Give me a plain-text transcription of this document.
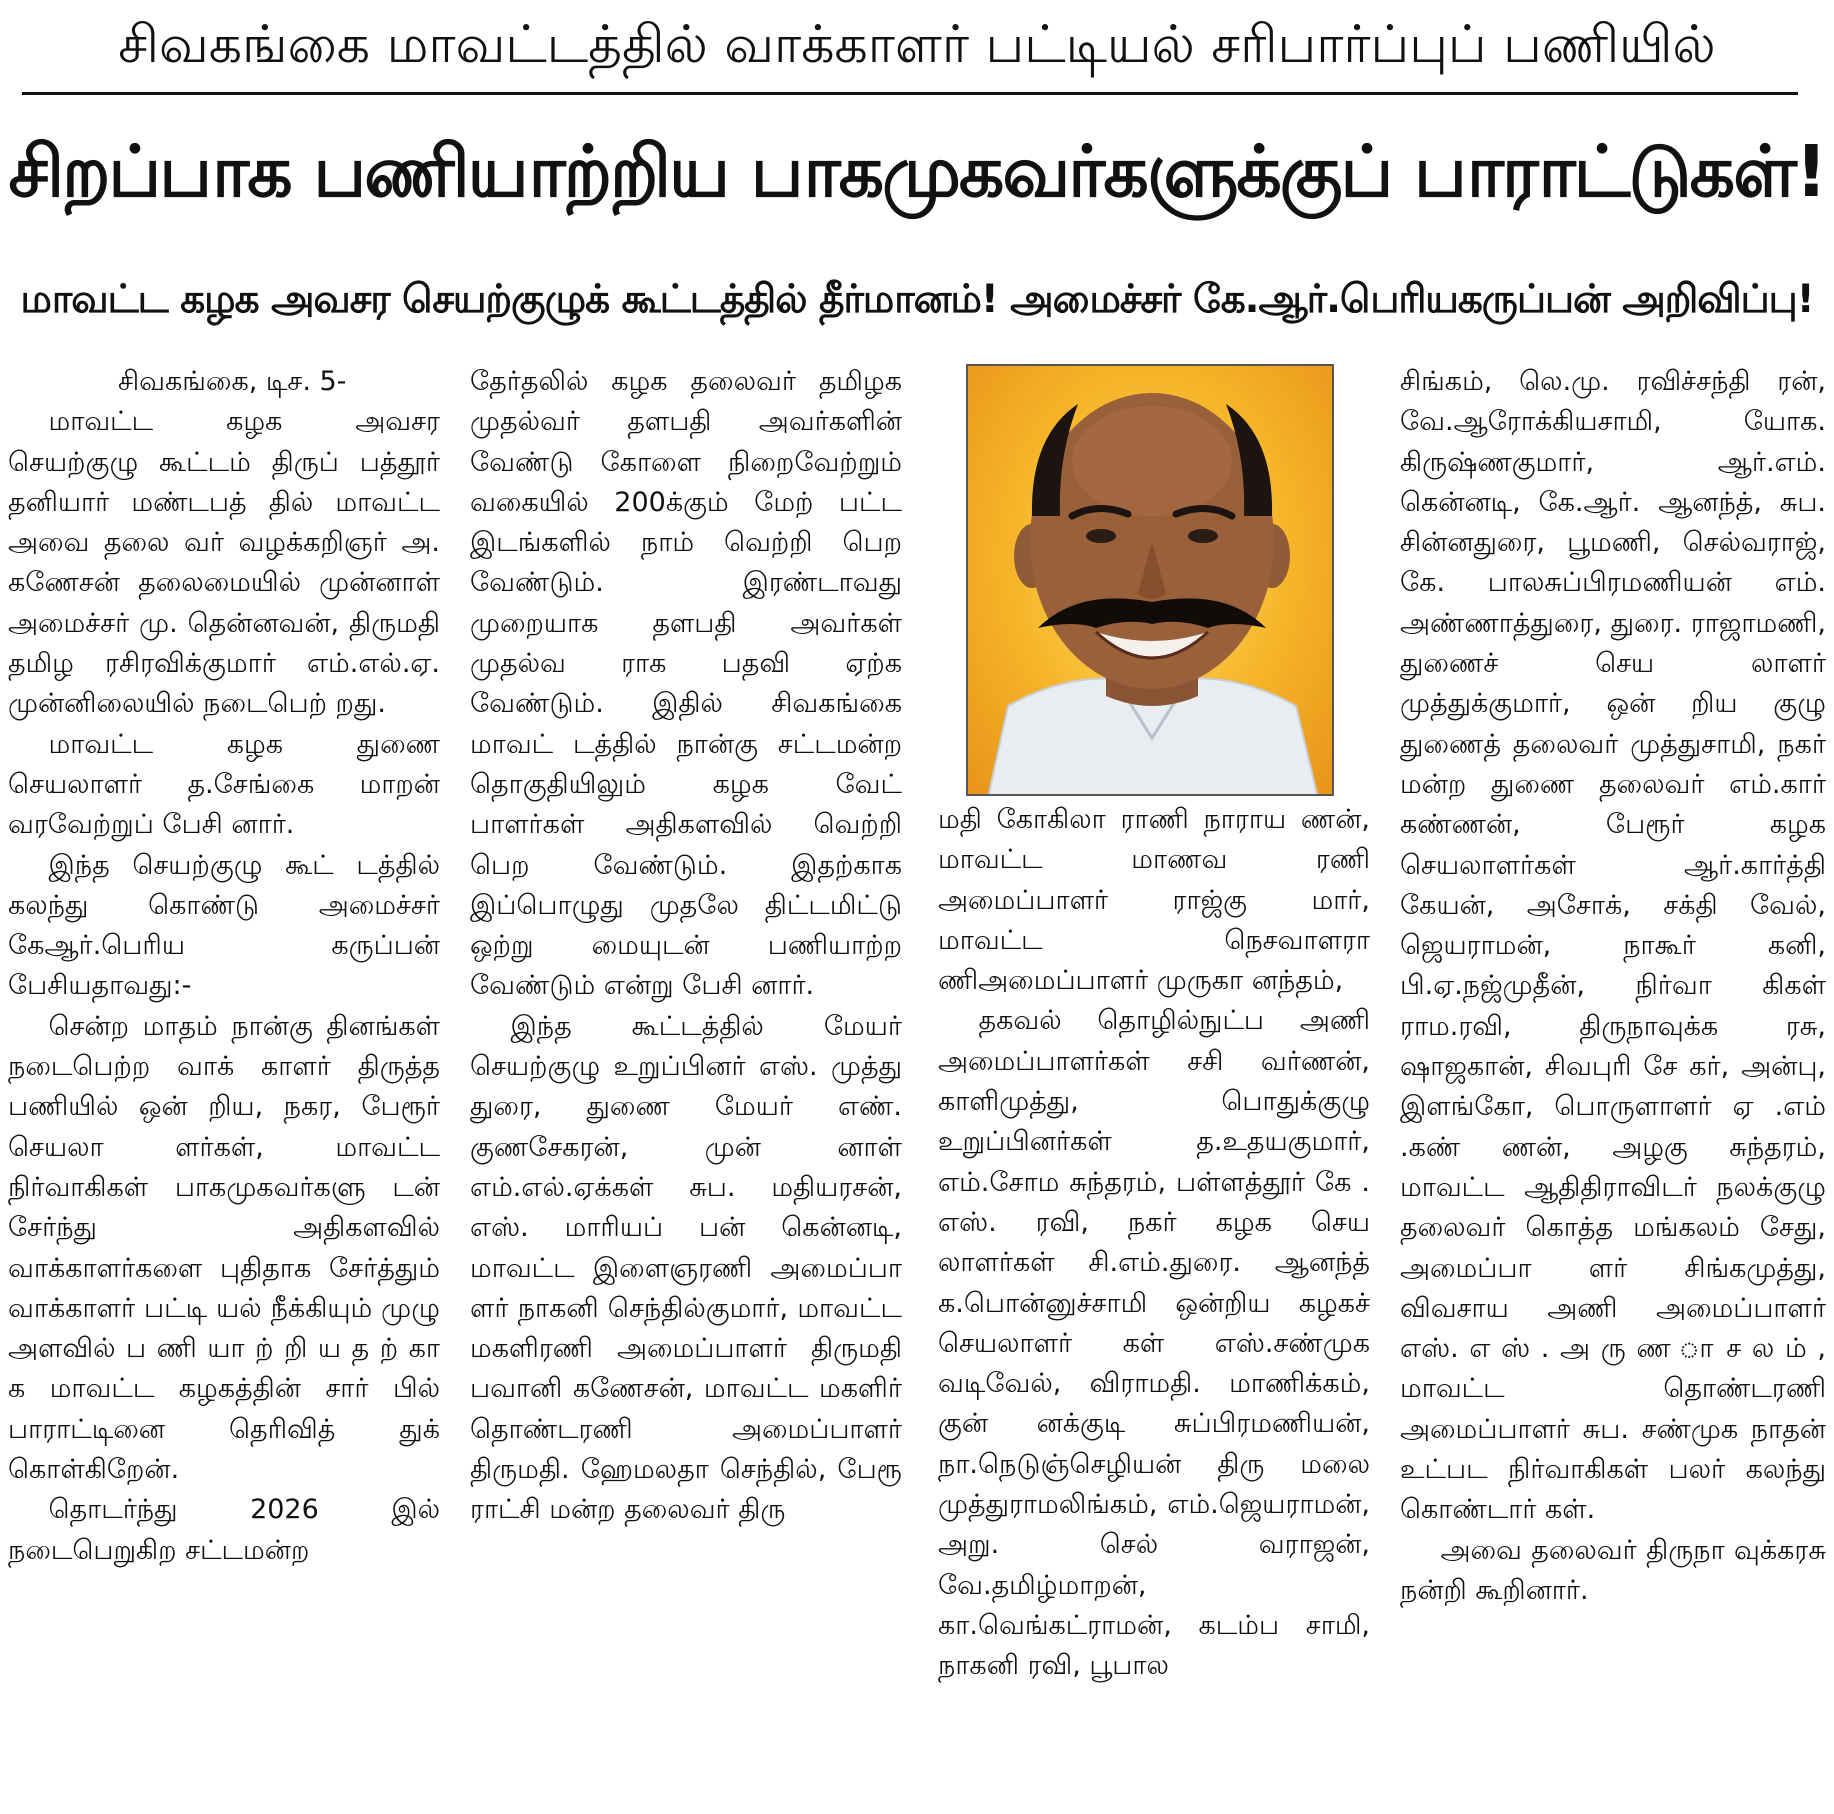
சிவகங்கை மாவட்டத்தில் வாக்காளர் பட்டியல் சரிபார்ப்புப் பணியில்
சிறப்பாக பணியாற்றிய பாகமுகவர்களுக்குப் பாராட்டுகள்!
மாவட்ட கழக அவசர செயற்குழுக் கூட்டத்தில் தீர்மானம்! அமைச்சர் கே.ஆர்.பெரியகருப்பன் அறிவிப்பு!

சிவகங்கை, டிச. 5-

மாவட்ட கழக அவசர செயற்குழு கூட்டம் திருப் பத்தூர் தனியார் மண்டபத் தில் மாவட்ட அவை தலை வர் வழக்கறிஞர் அ. கணேசன் தலைமையில் முன்னாள் அமைச்சர் மு. தென்னவன், திருமதி தமிழ ரசிரவிக்குமார் எம்.எல்.ஏ. முன்னிலையில் நடைபெற் றது.

மாவட்ட கழக துணை செயலாளர் த.சேங்கை மாறன் வரவேற்றுப் பேசி னார்.

இந்த செயற்குழு கூட் டத்தில் கலந்து கொண்டு அமைச்சர் கேஆர்.பெரிய கருப்பன் பேசியதாவது:-

சென்ற மாதம் நான்கு தினங்கள் நடைபெற்ற வாக் காளர் திருத்த பணியில் ஒன் றிய, நகர, பேரூர் செயலா ளர்கள், மாவட்ட நிர்வாகிகள் பாகமுகவர்களு டன் சேர்ந்து அதிகளவில் வாக்காளர்களை புதிதாக சேர்த்தும் வாக்காளர் பட்டி யல் நீக்கியும் முழு அளவில் ப ணி யா ற் றி ய த ற் கா க மாவட்ட கழகத்தின் சார் பில் பாராட்டினை தெரிவித் துக் கொள்கிறேன்.

தொடர்ந்து 2026 இல் நடைபெறுகிற சட்டமன்ற

தேர்தலில் கழக தலைவர் தமிழக முதல்வர் தளபதி அவர்களின் வேண்டு கோளை நிறைவேற்றும் வகையில் 200க்கும் மேற் பட்ட இடங்களில் நாம் வெற்றி பெற வேண்டும். இரண்டாவது முறையாக தளபதி அவர்கள் முதல்வ ராக பதவி ஏற்க வேண்டும். இதில் சிவகங்கை மாவட் டத்தில் நான்கு சட்டமன்ற தொகுதியிலும் கழக வேட் பாளர்கள் அதிகளவில் வெற்றி பெற வேண்டும். இதற்காக இப்பொழுது முதலே திட்டமிட்டு ஒற்று மையுடன் பணியாற்ற வேண்டும் என்று பேசி னார்.

இந்த கூட்டத்தில் மேயர் செயற்குழு உறுப்பினர் எஸ். முத்து துரை, துணை மேயர் எண். குணசேகரன், முன் னாள் எம்.எல்.ஏக்கள் சுப. மதியரசன், எஸ். மாரியப் பன் கென்னடி, மாவட்ட இளைஞரணி அமைப்பா ளர் நாகனி செந்தில்குமார், மாவட்ட மகளிரணி அமைப்பாளர் திருமதி பவானி கணேசன், மாவட்ட மகளிர் தொண்டரணி அமைப்பாளர் திருமதி. ஹேமலதா செந்தில், பேரூ ராட்சி மன்ற தலைவர் திரு

மதி கோகிலா ராணி நாராய ணன், மாவட்ட மாணவ ரணி அமைப்பாளர் ராஜ்கு மார், மாவட்ட நெசவாளரா ணிஅமைப்பாளர் முருகா னந்தம்,

தகவல் தொழில்நுட்ப அணி அமைப்பாளர்கள் சசி வர்ணன், காளிமுத்து, பொதுக்குழு உறுப்பினர்கள் த.உதயகுமார், எம்.சோம சுந்தரம், பள்ளத்தூர் கே . எஸ். ரவி, நகர் கழக செய லாளர்கள் சி.எம்.துரை. ஆனந்த் க.பொன்னுச்சாமி ஒன்றிய கழகச் செயலாளர் கள் எஸ்.சண்முக வடிவேல், விராமதி. மாணிக்கம், குன் னக்குடி சுப்பிரமணியன், நா.நெடுஞ்செழியன் திரு மலை முத்துராமலிங்கம், எம்.ஜெயராமன், அறு. செல் வராஜன், வே.தமிழ்மாறன், கா.வெங்கட்ராமன், கடம்ப சாமி, நாகனி ரவி, பூபால

சிங்கம், லெ.மு. ரவிச்சந்தி ரன், வே.ஆரோக்கியசாமி, யோக. கிருஷ்ணகுமார், ஆர்.எம். கென்னடி, கே.ஆர். ஆனந்த், சுப. சின்னதுரை, பூமணி, செல்வராஜ், கே. பாலசுப்பிரமணியன் எம். அண்ணாத்துரை, துரை. ராஜாமணி, துணைச் செய லாளர் முத்துக்குமார், ஒன் றிய குழு துணைத் தலைவர் முத்துசாமி, நகர் மன்ற துணை தலைவர் எம்.கார் கண்ணன், பேரூர் கழக செயலாளர்கள் ஆர்.கார்த்தி கேயன், அசோக், சக்தி வேல், ஜெயராமன், நாகூர் கனி, பி.ஏ.நஜ்முதீன், நிர்வா கிகள் ராம.ரவி, திருநாவுக்க ரசு, ஷாஜகான், சிவபுரி சே கர், அன்பு, இளங்கோ, பொருளாளர் ஏ .எம் .கண் ணன், அழகு சுந்தரம், மாவட்ட ஆதிதிராவிடர் நலக்குழு தலைவர் கொத்த மங்கலம் சேது, அமைப்பா ளர் சிங்கமுத்து, விவசாய அணி அமைப்பாளர் எஸ். எ ஸ் . அ ரு ண ா ச ல ம் , மாவட்ட தொண்டரணி அமைப்பாளர் சுப. சண்முக நாதன் உட்பட நிர்வாகிகள் பலர் கலந்து கொண்டார் கள்.

அவை தலைவர் திருநா வுக்கரசு நன்றி கூறினார்.
